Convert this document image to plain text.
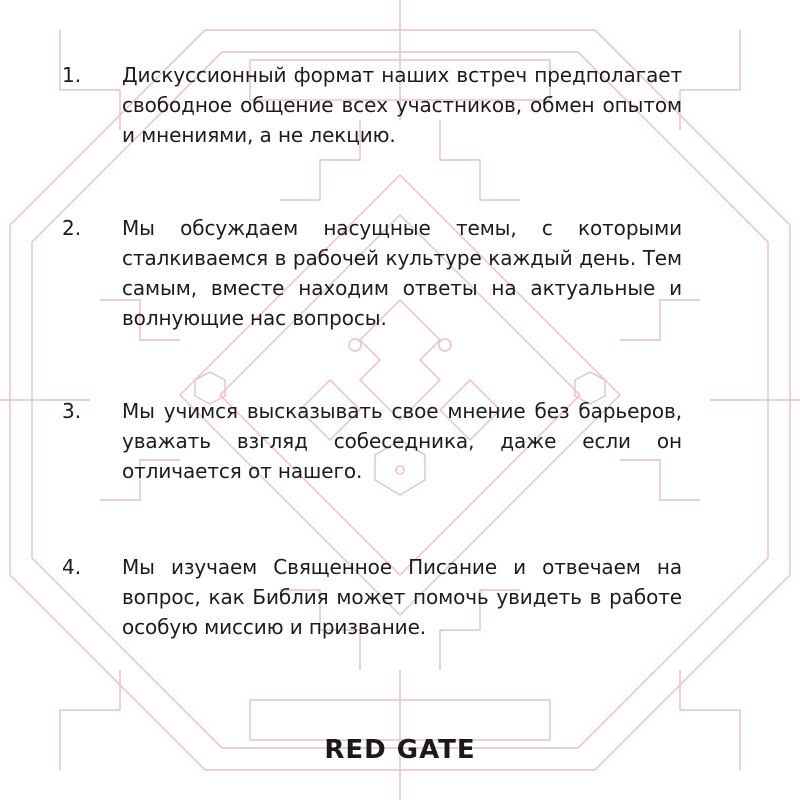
1. Дискуссионный формат наших встреч предполагает свободное общение всех участников, обмен опытом и мнениями, а не лекцию.
2. Мы обсуждаем насущные темы, с которыми сталкиваемся в рабочей культуре каждый день. Тем самым, вместе находим ответы на актуальные и волнующие нас вопросы.
3. Мы учимся высказывать свое мнение без барьеров, уважать взгляд собеседника, даже если он отличается от нашего.
4. Мы изучаем Священное Писание и отвечаем на вопрос, как Библия может помочь увидеть в работе особую миссию и призвание.
RED GATE
